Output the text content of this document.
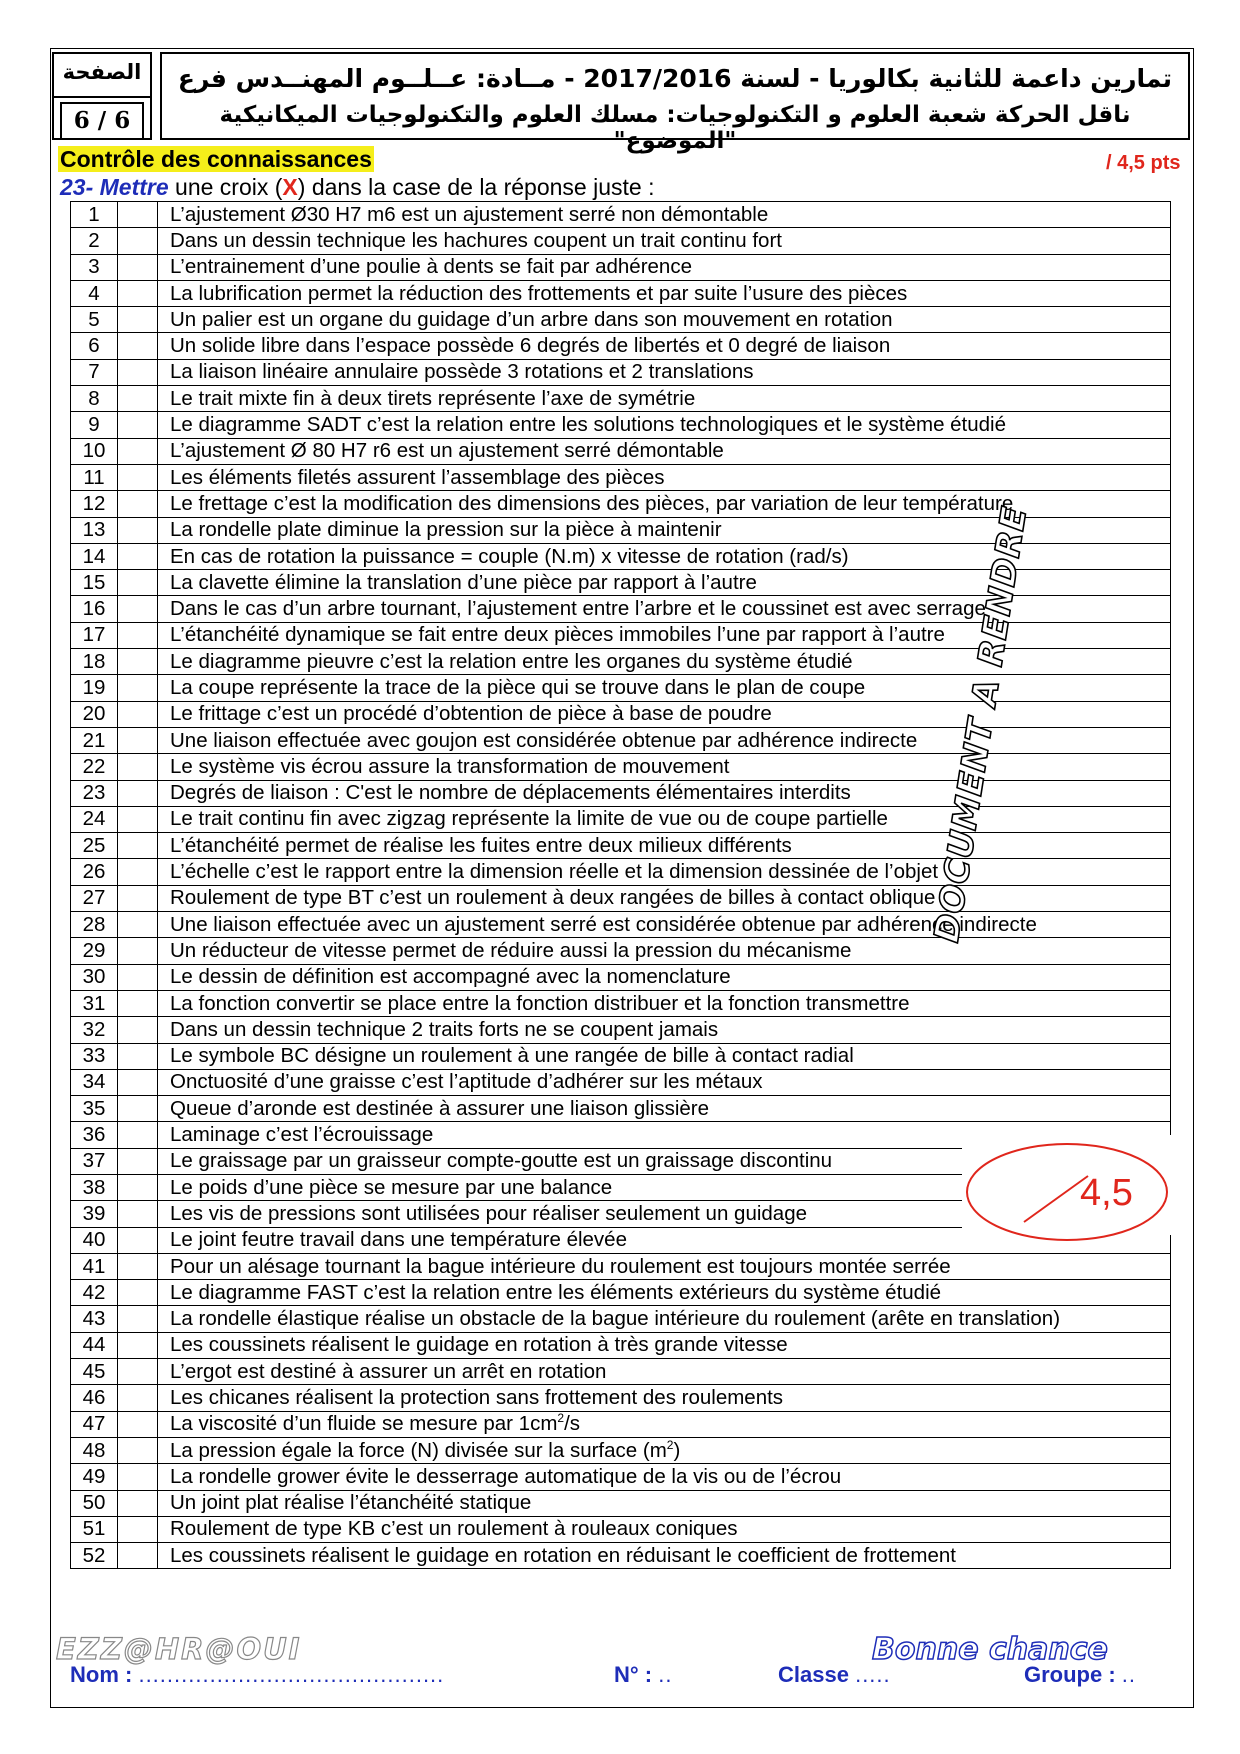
الصفحة
6 / 6
تمارين داعمة للثانية بكالوريا - لسنة 2017/2016 - مــادة: عــلــوم المهنــدس فرع
ناقل الحركة شعبة العلوم و التكنولوجيات: مسلك العلوم والتكنولوجيات الميكانيكية "الموضوع"
Contrôle des connaissances	/ 4,5 pts
23- Mettre une croix (X) dans la case de la réponse juste :
1		L’ajustement Ø30 H7 m6 est un ajustement serré non démontable
2		Dans un dessin technique les hachures coupent un trait continu fort
3		L’entrainement d’une poulie à dents se fait par adhérence
4		La lubrification permet la réduction des frottements et par suite l’usure des pièces
5		Un palier est un organe du guidage d’un arbre dans son mouvement en rotation
6		Un solide libre dans l’espace possède 6 degrés de libertés et 0 degré de liaison
7		La liaison linéaire annulaire possède 3 rotations et 2 translations
8		Le trait mixte fin à deux tirets représente l’axe de symétrie
9		Le diagramme SADT c’est la relation entre les solutions technologiques et le système étudié
10		L’ajustement Ø 80 H7 r6 est un ajustement serré démontable
11		Les éléments filetés assurent l’assemblage des pièces
12		Le frettage c’est la modification des dimensions des pièces, par variation de leur température
13		La rondelle plate diminue la pression sur la pièce à maintenir
14		En cas de rotation la puissance = couple (N.m) x vitesse de rotation (rad/s)
15		La clavette élimine la translation d’une pièce par rapport à l’autre
16		Dans le cas d’un arbre tournant, l’ajustement entre l’arbre et le coussinet est avec serrage
17		L’étanchéité dynamique se fait entre deux pièces immobiles l’une par rapport à l’autre
18		Le diagramme pieuvre c’est la relation entre les organes du système étudié
19		La coupe représente la trace de la pièce qui se trouve dans le plan de coupe
20		Le frittage c’est un procédé d’obtention de pièce à base de poudre
21		Une liaison effectuée avec goujon est considérée obtenue par adhérence indirecte
22		Le système vis écrou assure la transformation de mouvement
23		Degrés de liaison : C'est le nombre de déplacements élémentaires interdits
24		Le trait continu fin avec zigzag représente la limite de vue ou de coupe partielle
25		L’étanchéité permet de réalise les fuites entre deux milieux différents
26		L’échelle c’est le rapport entre la dimension réelle et la dimension dessinée de l’objet
27		Roulement de type BT c’est un roulement à deux rangées de billes à contact oblique
28		Une liaison effectuée avec un ajustement serré est considérée obtenue par adhérence indirecte
29		Un réducteur de vitesse permet de réduire aussi la pression du mécanisme
30		Le dessin de définition est accompagné avec la nomenclature
31		La fonction convertir se place entre la fonction distribuer et la fonction transmettre
32		Dans un dessin technique 2 traits forts ne se coupent jamais
33		Le symbole BC désigne un roulement à une rangée de bille à contact radial
34		Onctuosité d’une graisse c’est l’aptitude d’adhérer sur les métaux
35		Queue d’aronde est destinée à assurer une liaison glissière
36		Laminage c’est l’écrouissage
37		Le graissage par un graisseur compte-goutte est un graissage discontinu
38		Le poids d’une pièce se mesure par une balance
39		Les vis de pressions sont utilisées pour réaliser seulement un guidage
40		Le joint feutre travail dans une température élevée
41		Pour un alésage tournant la bague intérieure du roulement est toujours montée serrée
42		Le diagramme FAST c’est la relation entre les éléments extérieurs du système étudié
43		La rondelle élastique réalise un obstacle de la bague intérieure du roulement (arête en translation)
44		Les coussinets réalisent le guidage en rotation à très grande vitesse
45		L’ergot est destiné à assurer un arrêt en rotation
46		Les chicanes réalisent la protection sans frottement des roulements
47		La viscosité d’un fluide se mesure par $1cm^2/s$
48		La pression égale la force (N) divisée sur la surface $(m^2)$
49		La rondelle grower évite le desserrage automatique de la vis ou de l’écrou
50		Un joint plat réalise l’étanchéité statique
51		Roulement de type KB c’est un roulement à rouleaux coniques
52		Les coussinets réalisent le guidage en rotation en réduisant le coefficient de frottement
DOCUMENT A RENDRE
4,5
EZZ@HR@OUI	Bonne chance
Nom : ...........................................	N° : ..	Classe .....	Groupe : ..
